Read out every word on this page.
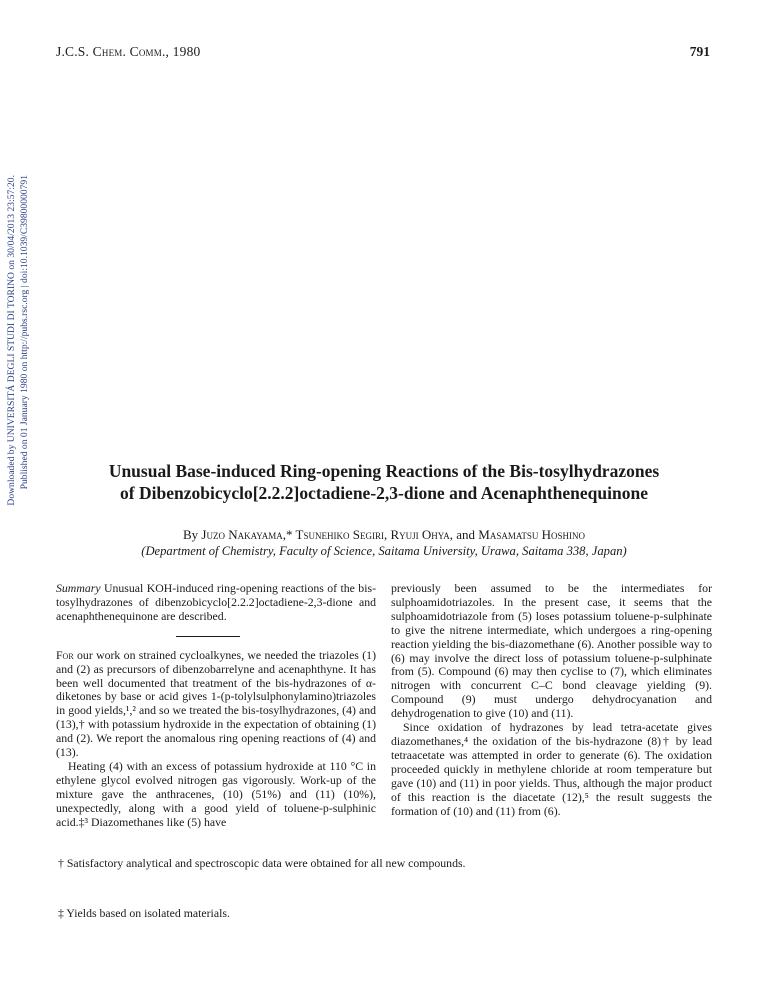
J.C.S. Chem. Comm., 1980	791
Downloaded by UNIVERSITÁ DEGLI STUDI DI TORINO on 30/04/2013 23:57:20. Published on 01 January 1980 on http://pubs.rsc.org | doi:10.1039/C39800000791	Unusual Base-induced Ring-opening Reactions of the Bis-tosylhydrazones
of Dibenzobicyclo[2.2.2]octadiene-2,3-dione and Acenaphthenequinone
By Juzo Nakayama,* Tsunehiko Segiri, Ryuji Ohya, and Masamatsu Hoshino
(Department of Chemistry, Faculty of Science, Saitama University, Urawa, Saitama 338, Japan)

Summary Unusual KOH-induced ring-opening reactions of the bis-tosylhydrazones of dibenzobicyclo[2.2.2]octadiene-2,3-dione and acenaphthenequinone are described.

For our work on strained cycloalkynes, we needed the triazoles (1) and (2) as precursors of dibenzobarrelyne and acenaphthyne. It has been well documented that treatment of the bis-hydrazones of α-diketones by base or acid gives 1-(p-tolylsulphonylamino)triazoles in good yields,¹,² and so we treated the bis-tosylhydrazones, (4) and (13),† with potassium hydroxide in the expectation of obtaining (1) and (2). We report the anomalous ring opening reactions of (4) and (13).

Heating (4) with an excess of potassium hydroxide at 110 °C in ethylene glycol evolved nitrogen gas vigorously. Work-up of the mixture gave the anthracenes, (10) (51%) and (11) (10%), unexpectedly, along with a good yield of toluene-p-sulphinic acid.‡³ Diazomethanes like (5) have

previously been assumed to be the intermediates for sulphoamidotriazoles. In the present case, it seems that the sulphoamidotriazole from (5) loses potassium toluene-p-sulphinate to give the nitrene intermediate, which undergoes a ring-opening reaction yielding the bis-diazomethane (6). Another possible way to (6) may involve the direct loss of potassium toluene-p-sulphinate from (5). Compound (6) may then cyclise to (7), which eliminates nitrogen with concurrent C–C bond cleavage yielding (9). Compound (9) must undergo dehydrocyanation and dehydrogenation to give (10) and (11).

Since oxidation of hydrazones by lead tetra-acetate gives diazomethanes,⁴ the oxidation of the bis-hydrazone (8)† by lead tetraacetate was attempted in order to generate (6). The oxidation proceeded quickly in methylene chloride at room temperature but gave (10) and (11) in poor yields. Thus, although the major product of this reaction is the diacetate (12),⁵ the result suggests the formation of (10) and (11) from (6).

† Satisfactory analytical and spectroscopic data were obtained for all new compounds.
‡ Yields based on isolated materials.
